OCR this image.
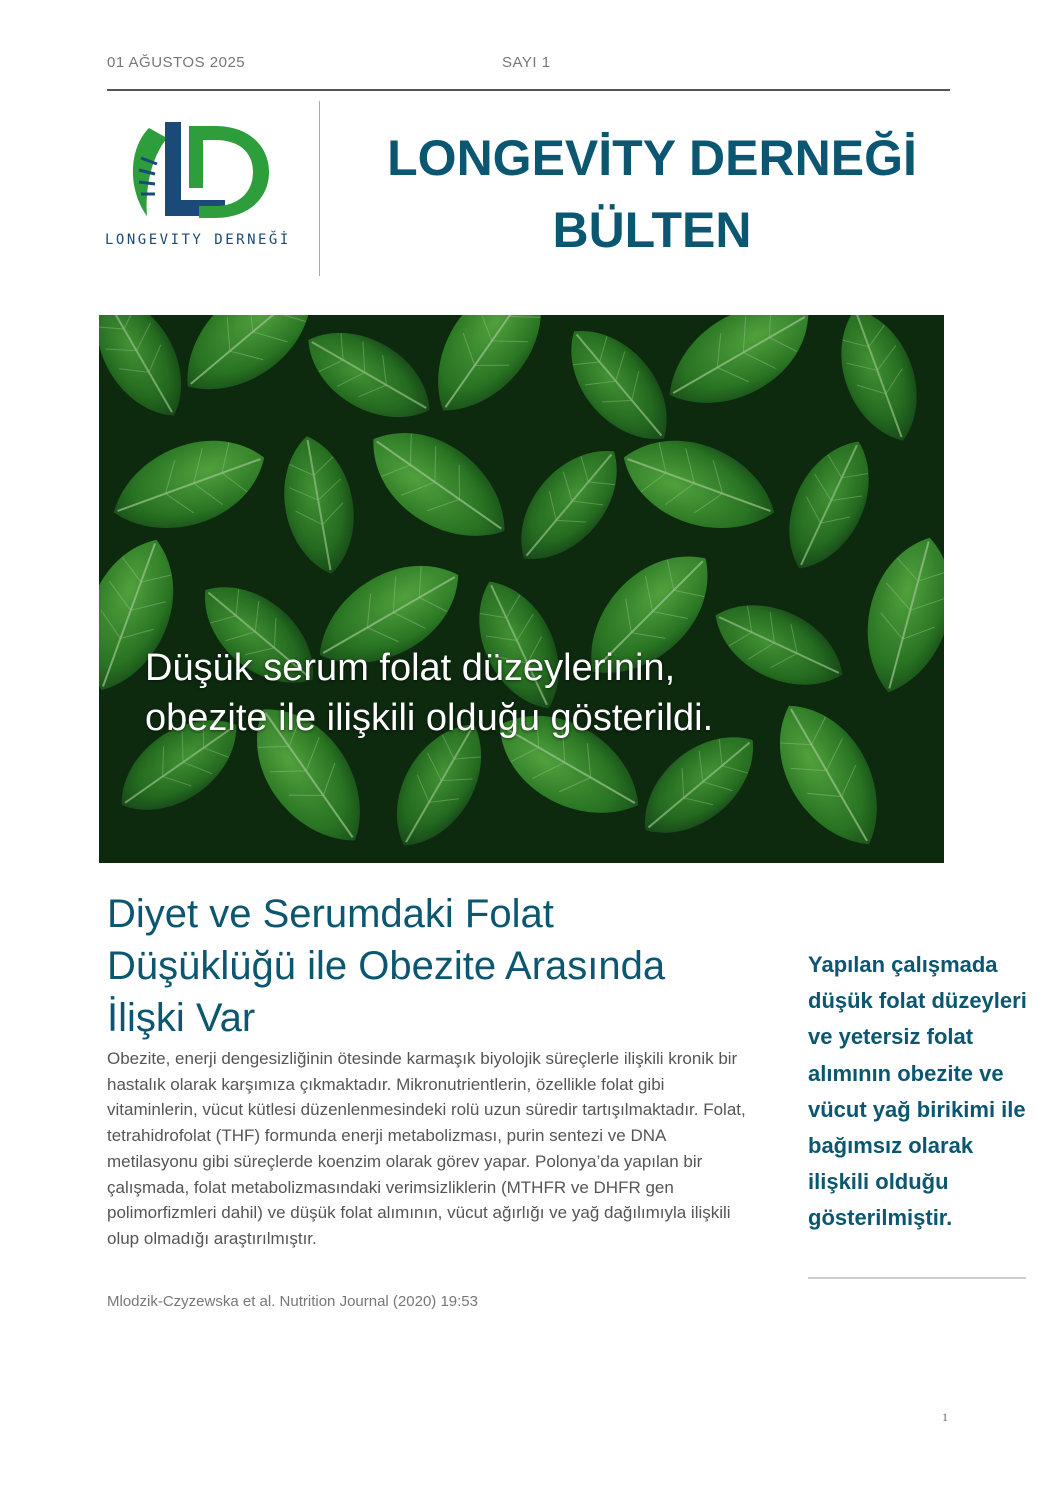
01 AĞUSTOS 2025	SAYI 1
LONGEVITY DERNEĞİ
LONGEVİTY DERNEĞİ
BÜLTEN
Düşük serum folat düzeylerinin,
obezite ile ilişkili olduğu gösterildi.
Diyet ve Serumdaki Folat
Düşüklüğü ile Obezite Arasında
İlişki Var
Obezite, enerji dengesizliğinin ötesinde karmaşık biyolojik süreçlerle ilişkili kronik bir hastalık olarak karşımıza çıkmaktadır. Mikronutrientlerin, özellikle folat gibi vitaminlerin, vücut kütlesi düzenlenmesindeki rolü uzun süredir tartışılmaktadır. Folat, tetrahidrofolat (THF) formunda enerji metabolizması, purin sentezi ve DNA metilasyonu gibi süreçlerde koenzim olarak görev yapar. Polonya’da yapılan bir çalışmada, folat metabolizmasındaki verimsizliklerin (MTHFR ve DHFR gen polimorfizmleri dahil) ve düşük folat alımının, vücut ağırlığı ve yağ dağılımıyla ilişkili olup olmadığı araştırılmıştır.
Mlodzik-Czyzewska et al. Nutrition Journal (2020) 19:53
Yapılan çalışmada düşük folat düzeyleri ve yetersiz folat alımının obezite ve vücut yağ birikimi ile bağımsız olarak ilişkili olduğu gösterilmiştir.
1
